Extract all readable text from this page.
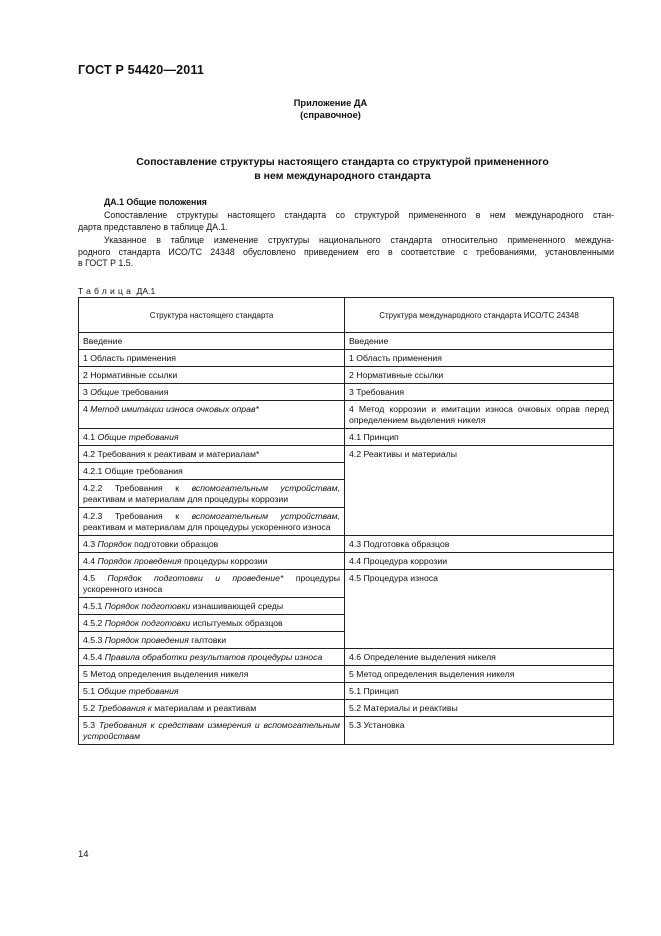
ГОСТ Р 54420—2011
Приложение ДА
(справочное)
Сопоставление структуры настоящего стандарта со структурой примененного
в нем международного стандарта
ДА.1 Общие положения
Сопоставление структуры настоящего стандарта со структурой примененного в нем международного стан-
дарта представлено в таблице ДА.1.
Указанное в таблице изменение структуры национального стандарта относительно примененного междуна-
родного стандарта ИСО/ТС 24348 обусловлено приведением его в соответствие с требованиями, установленными
в ГОСТ Р 1.5.
Таблица ДА.1
Структура настоящего стандарта	Структура международного стандарта ИСО/ТС 24348
Введение	Введение
1 Область применения	1 Область применения
2 Нормативные ссылки	2 Нормативные ссылки
3 Общие требования	3 Требования
4 Метод имитации износа очковых оправ*	4 Метод коррозии и имитации износа очковых оправ перед определением выделения никеля
4.1 Общие требования	4.1 Принцип
4.2 Требования к реактивам и материалам*	4.2 Реактивы и материалы
4.2.1 Общие требования	
4.2.2 Требования к вспомогательным устройствам, реактивам и материалам для процедуры коррозии	
4.2.3 Требования к вспомогательным устройствам, реактивам и материалам для процедуры ускоренного износа	
4.3 Порядок подготовки образцов	4.3 Подготовка образцов
4.4 Порядок проведения процедуры коррозии	4.4 Процедура коррозии
4.5 Порядок подготовки и проведение* процедуры ускоренного износа	4.5 Процедура износа
4.5.1 Порядок подготовки изнашивающей среды	
4.5.2 Порядок подготовки испытуемых образцов	
4.5.3 Порядок проведения галтовки	
4.5.4 Правила обработки результатов процедуры износа	4.6 Определение выделения никеля
5 Метод определения выделения никеля	5 Метод определения выделения никеля
5.1 Общие требования	5.1 Принцип
5.2 Требования к материалам и реактивам	5.2 Материалы и реактивы
5.3 Требования к средствам измерения и вспомогательным устройствам	5.3 Установка
14
